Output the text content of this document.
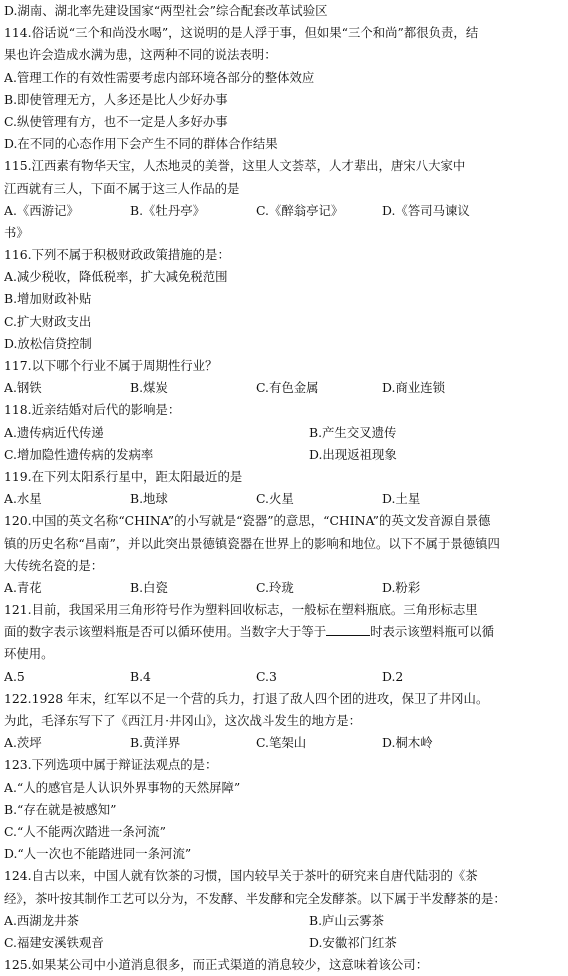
D.湖南、湖北率先建设国家“两型社会”综合配套改革试验区
114.俗话说“三个和尚没水喝”，这说明的是人浮于事，但如果“三个和尚”都很负责，结
果也许会造成水满为患，这两种不同的说法表明：
A.管理工作的有效性需要考虑内部环境各部分的整体效应
B.即使管理无方，人多还是比人少好办事
C.纵使管理有方，也不一定是人多好办事
D.在不同的心态作用下会产生不同的群体合作结果
115.江西素有物华天宝，人杰地灵的美誉，这里人文荟萃，人才辈出，唐宋八大家中
江西就有三人，下面不属于这三人作品的是
A.《西游记》	B.《牡丹亭》	C.《醉翁亭记》	D.《答司马谏议
书》
116.下列不属于积极财政政策措施的是：
A.减少税收，降低税率，扩大减免税范围
B.增加财政补贴
C.扩大财政支出
D.放松信贷控制
117.以下哪个行业不属于周期性行业？
A.钢铁	B.煤炭	C.有色金属	D.商业连锁
118.近亲结婚对后代的影响是：
A.遗传病近代传递	B.产生交叉遗传
C.增加隐性遗传病的发病率	D.出现返祖现象
119.在下列太阳系行星中，距太阳最近的是
A.水星	B.地球	C.火星	D.土星
120.中国的英文名称“CHINA”的小写就是“瓷器”的意思，“CHINA”的英文发音源自景德
镇的历史名称“昌南”，并以此突出景德镇瓷器在世界上的影响和地位。以下不属于景德镇四
大传统名瓷的是：
A.青花	B.白瓷	C.玲珑	D.粉彩
121.目前，我国采用三角形符号作为塑料回收标志，一般标在塑料瓶底。三角形标志里
面的数字表示该塑料瓶是否可以循环使用。当数字大于等于	时表示该塑料瓶可以循
环使用。
A.5	B.4	C.3	D.2
122.1928 年末，红军以不足一个营的兵力，打退了敌人四个团的进攻，保卫了井冈山。
为此，毛泽东写下了《西江月·井冈山》，这次战斗发生的地方是：
A.茨坪	B.黄洋界	C.笔架山	D.桐木岭
123.下列选项中属于辩证法观点的是：
A.“人的感官是人认识外界事物的天然屏障”
B.“存在就是被感知”
C.“人不能两次踏进一条河流”
D.“人一次也不能踏进同一条河流”
124.自古以来，中国人就有饮茶的习惯，国内较早关于茶叶的研究来自唐代陆羽的《茶
经》，茶叶按其制作工艺可以分为，不发酵、半发酵和完全发酵茶。以下属于半发酵茶的是：
A.西湖龙井茶	B.庐山云雾茶
C.福建安溪铁观音	D.安徽祁门红茶
125.如果某公司中小道消息很多，而正式渠道的消息较少，这意味着该公司：
